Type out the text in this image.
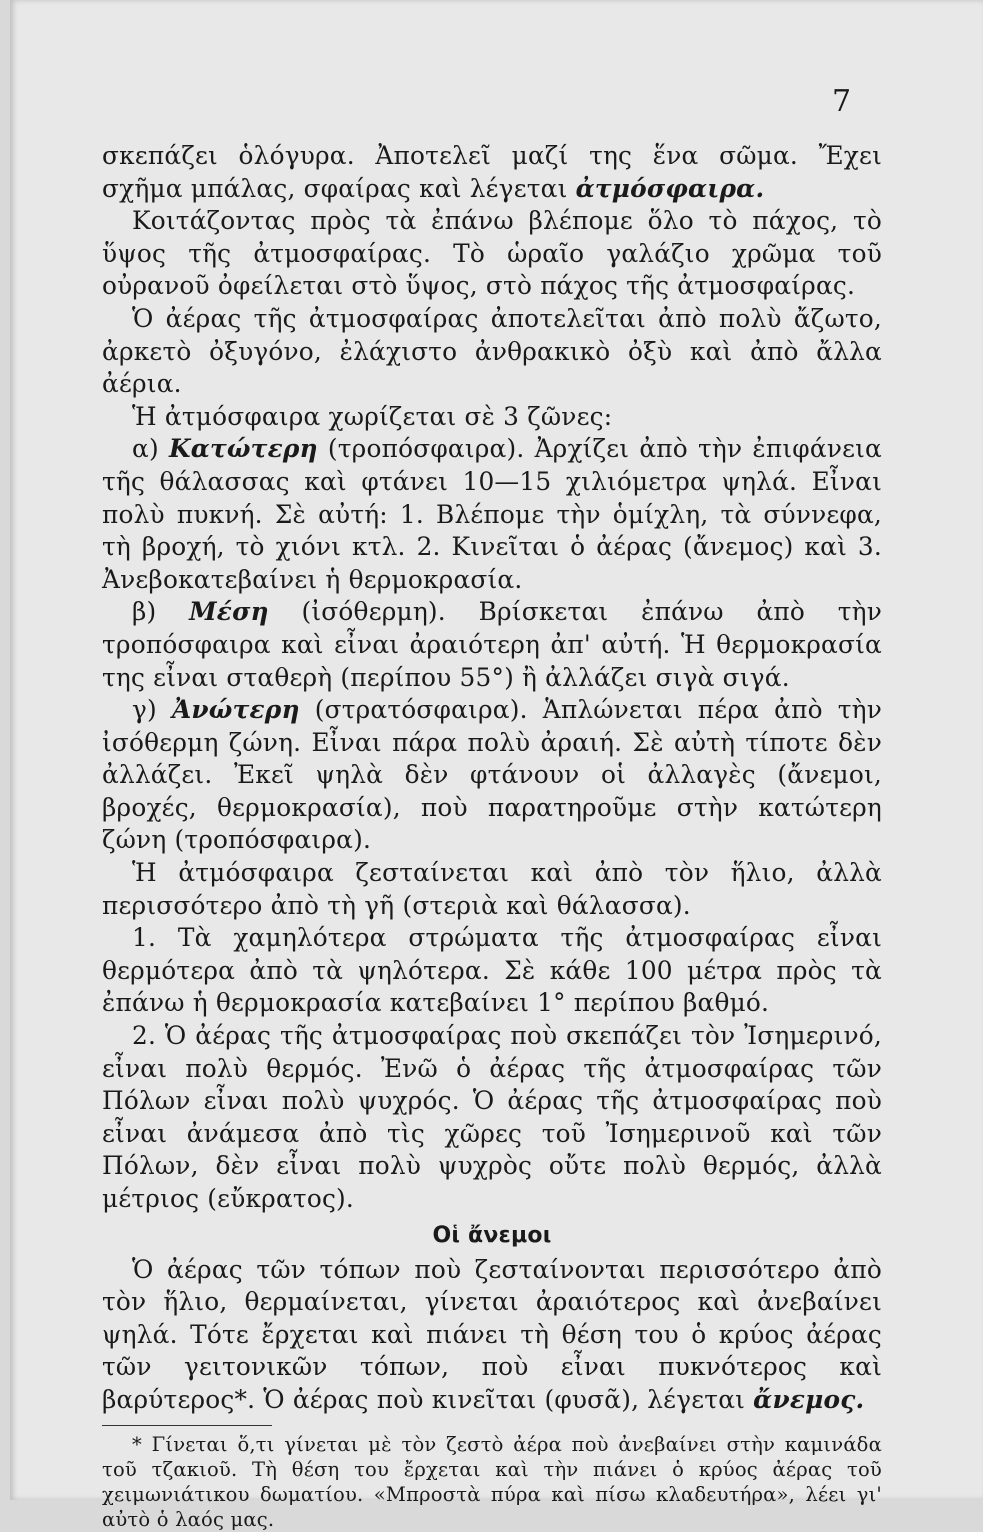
7

σκεπάζει ὁλόγυρα. Ἀποτελεῖ μαζί της ἕνα σῶμα. Ἔχει σχῆμα μπάλας, σφαίρας καὶ λέγεται ἀτμόσφαιρα.

Κοιτάζοντας πρὸς τὰ ἐπάνω βλέπομε ὅλο τὸ πάχος, τὸ ὕψος τῆς ἀτμοσφαίρας. Τὸ ὡραῖο γαλάζιο χρῶμα τοῦ οὐρανοῦ ὀφείλεται στὸ ὕψος, στὸ πάχος τῆς ἀτμοσφαίρας.

Ὁ ἀέρας τῆς ἀτμοσφαίρας ἀποτελεῖται ἀπὸ πολὺ ἄζωτο, ἀρκετὸ ὀξυγόνο, ἐλάχιστο ἀνθρακικὸ ὀξὺ καὶ ἀπὸ ἄλλα ἀέρια.

Ἡ ἀτμόσφαιρα χωρίζεται σὲ 3 ζῶνες:

α) Κατώτερη (τροπόσφαιρα). Ἀρχίζει ἀπὸ τὴν ἐπιφάνεια τῆς θάλασσας καὶ φτάνει 10—15 χιλιόμετρα ψηλά. Εἶναι πολὺ πυκνή. Σὲ αὐτή: 1. Βλέπομε τὴν ὁμίχλη, τὰ σύννεφα, τὴ βροχή, τὸ χιόνι κτλ. 2. Κινεῖται ὁ ἀέρας (ἄνεμος) καὶ 3. Ἀνεβοκατεβαίνει ἡ θερμοκρασία.

β) Μέση (ἰσόθερμη). Βρίσκεται ἐπάνω ἀπὸ τὴν τροπόσφαιρα καὶ εἶναι ἀραιότερη ἀπ' αὐτή. Ἡ θερμοκρασία της εἶναι σταθερὴ (περίπου 55°) ἢ ἀλλάζει σιγὰ σιγά.

γ) Ἀνώτερη (στρατόσφαιρα). Ἁπλώνεται πέρα ἀπὸ τὴν ἰσόθερμη ζώνη. Εἶναι πάρα πολὺ ἀραιή. Σὲ αὐτὴ τίποτε δὲν ἀλλάζει. Ἐκεῖ ψηλὰ δὲν φτάνουν οἱ ἀλλαγὲς (ἄνεμοι, βροχές, θερμοκρασία), ποὺ παρατηροῦμε στὴν κατώτερη ζώνη (τροπόσφαιρα).

Ἡ ἀτμόσφαιρα ζεσταίνεται καὶ ἀπὸ τὸν ἥλιο, ἀλλὰ περισσότερο ἀπὸ τὴ γῆ (στεριὰ καὶ θάλασσα).

1. Τὰ χαμηλότερα στρώματα τῆς ἀτμοσφαίρας εἶναι θερμότερα ἀπὸ τὰ ψηλότερα. Σὲ κάθε 100 μέτρα πρὸς τὰ ἐπάνω ἡ θερμοκρασία κατεβαίνει 1° περίπου βαθμό.

2. Ὁ ἀέρας τῆς ἀτμοσφαίρας ποὺ σκεπάζει τὸν Ἰσημερινό, εἶναι πολὺ θερμός. Ἐνῶ ὁ ἀέρας τῆς ἀτμοσφαίρας τῶν Πόλων εἶναι πολὺ ψυχρός. Ὁ ἀέρας τῆς ἀτμοσφαίρας ποὺ εἶναι ἀνάμεσα ἀπὸ τὶς χῶρες τοῦ Ἰσημερινοῦ καὶ τῶν Πόλων, δὲν εἶναι πολὺ ψυχρὸς οὔτε πολὺ θερμός, ἀλλὰ μέτριος (εὔκρατος).

Οἱ ἄνεμοι

Ὁ ἀέρας τῶν τόπων ποὺ ζεσταίνονται περισσότερο ἀπὸ τὸν ἥλιο, θερμαίνεται, γίνεται ἀραιότερος καὶ ἀνεβαίνει ψηλά. Τότε ἔρχεται καὶ πιάνει τὴ θέση του ὁ κρύος ἀέρας τῶν γειτονικῶν τόπων, ποὺ εἶναι πυκνότερος καὶ βαρύτερος*. Ὁ ἀέρας ποὺ κινεῖται (φυσᾶ), λέγεται ἄνεμος.

* Γίνεται ὅ,τι γίνεται μὲ τὸν ζεστὸ ἀέρα ποὺ ἀνεβαίνει στὴν καμινάδα τοῦ τζακιοῦ. Τὴ θέση του ἔρχεται καὶ τὴν πιάνει ὁ κρύος ἀέρας τοῦ χειμωνιάτικου δωματίου. «Μπροστὰ πύρα καὶ πίσω κλαδευτήρα», λέει γι' αὐτὸ ὁ λαός μας.
